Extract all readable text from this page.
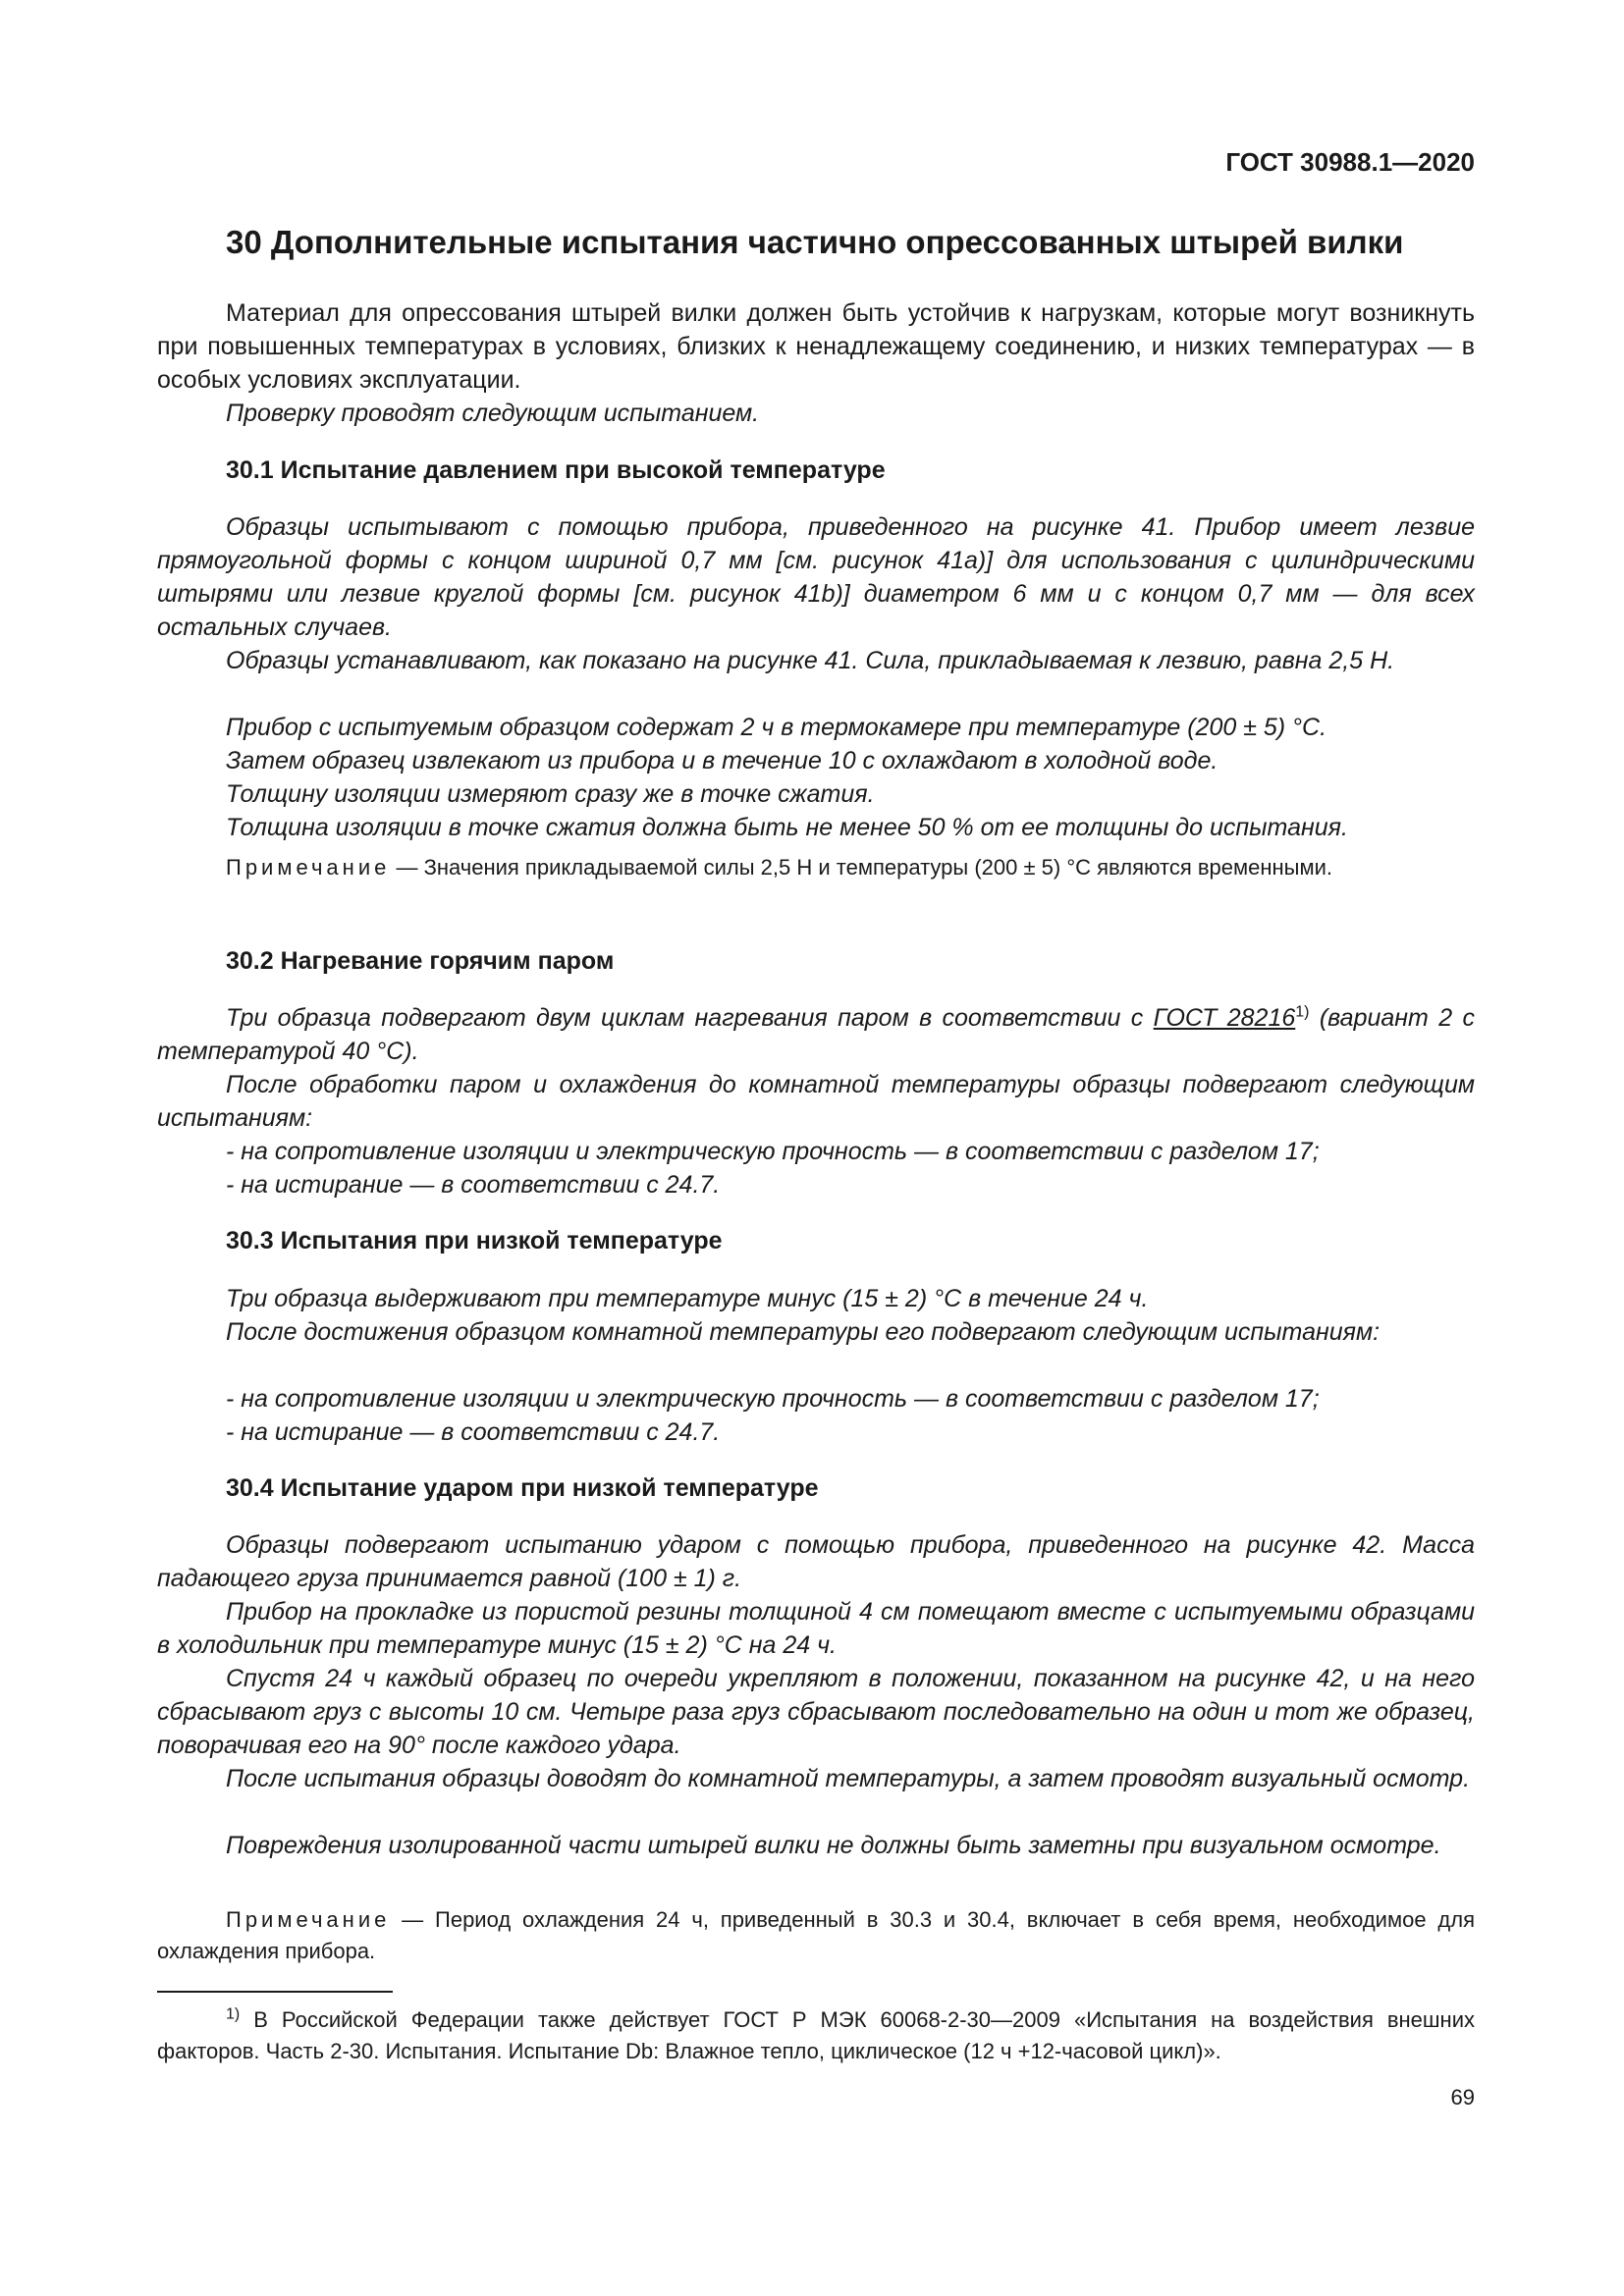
ГОСТ 30988.1—2020
30 Дополнительные испытания частично опрессованных штырей вилки
Материал для опрессования штырей вилки должен быть устойчив к нагрузкам, которые могут возникнуть при повышенных температурах в условиях, близких к ненадлежащему соединению, и низких температурах — в особых условиях эксплуатации.
Проверку проводят следующим испытанием.
30.1 Испытание давлением при высокой температуре
Образцы испытывают с помощью прибора, приведенного на рисунке 41. Прибор имеет лезвие прямоугольной формы с концом шириной 0,7 мм [см. рисунок 41a)] для использования с цилиндрическими штырями или лезвие круглой формы [см. рисунок 41b)] диаметром 6 мм и с концом 0,7 мм — для всех остальных случаев.
Образцы устанавливают, как показано на рисунке 41. Сила, прикладываемая к лезвию, равна 2,5 Н.
Прибор с испытуемым образцом содержат 2 ч в термокамере при температуре (200 ± 5) °С.
Затем образец извлекают из прибора и в течение 10 с охлаждают в холодной воде.
Толщину изоляции измеряют сразу же в точке сжатия.
Толщина изоляции в точке сжатия должна быть не менее 50 % от ее толщины до испытания.
Примечание — Значения прикладываемой силы 2,5 Н и температуры (200 ± 5) °С являются временными.
30.2 Нагревание горячим паром
Три образца подвергают двум циклам нагревания паром в соответствии с ГОСТ 28216$^{1)}$ (вариант 2 с температурой 40 °С).
После обработки паром и охлаждения до комнатной температуры образцы подвергают следующим испытаниям:
- на сопротивление изоляции и электрическую прочность — в соответствии с разделом 17;
- на истирание — в соответствии с 24.7.
30.3 Испытания при низкой температуре
Три образца выдерживают при температуре минус (15 ± 2) °С в течение 24 ч.
После достижения образцом комнатной температуры его подвергают следующим испытаниям:
- на сопротивление изоляции и электрическую прочность — в соответствии с разделом 17;
- на истирание — в соответствии с 24.7.
30.4 Испытание ударом при низкой температуре
Образцы подвергают испытанию ударом с помощью прибора, приведенного на рисунке 42. Масса падающего груза принимается равной (100 ± 1) г.
Прибор на прокладке из пористой резины толщиной 4 см помещают вместе с испытуемыми образцами в холодильник при температуре минус (15 ± 2) °С на 24 ч.
Спустя 24 ч каждый образец по очереди укрепляют в положении, показанном на рисунке 42, и на него сбрасывают груз с высоты 10 см. Четыре раза груз сбрасывают последовательно на один и тот же образец, поворачивая его на 90° после каждого удара.
После испытания образцы доводят до комнатной температуры, а затем проводят визуальный осмотр.
Повреждения изолированной части штырей вилки не должны быть заметны при визуальном осмотре.
Примечание — Период охлаждения 24 ч, приведенный в 30.3 и 30.4, включает в себя время, необходимое для охлаждения прибора.
$^{1)}$ В Российской Федерации также действует ГОСТ Р МЭК 60068-2-30—2009 «Испытания на воздействия внешних факторов. Часть 2-30. Испытания. Испытание Db: Влажное тепло, циклическое (12 ч +12-часовой цикл)».
69
